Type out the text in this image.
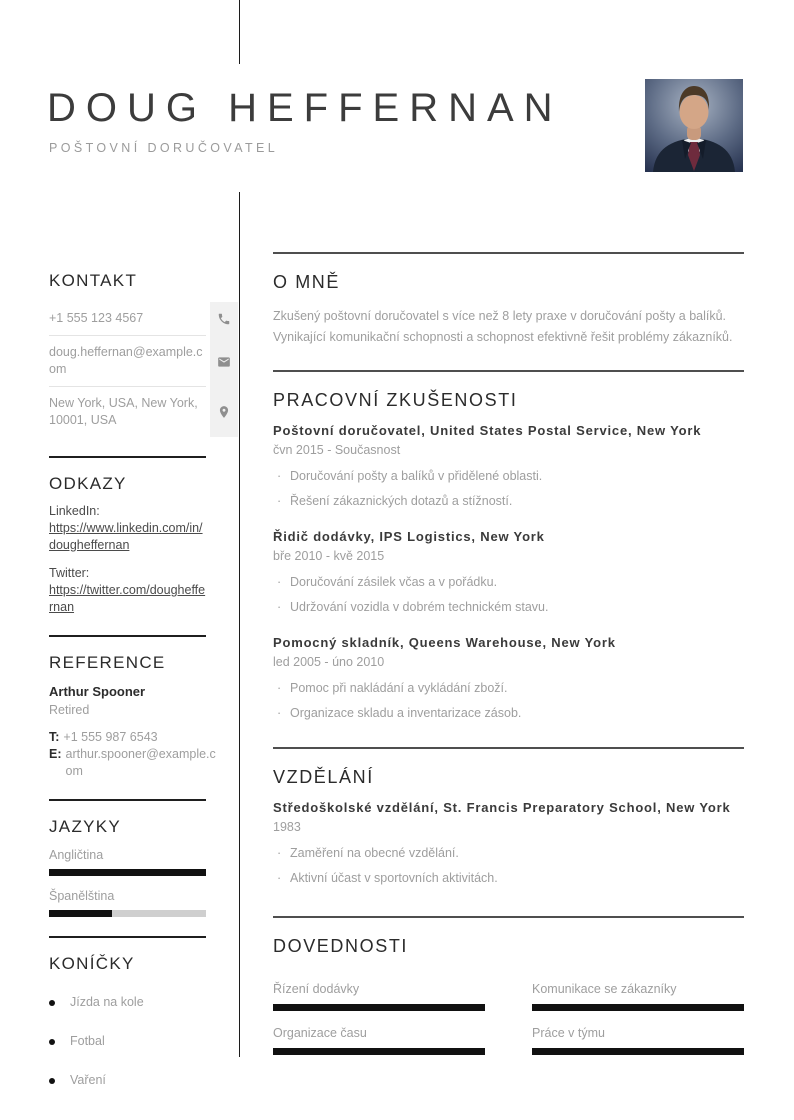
DOUG HEFFERNAN
POŠTOVNÍ DORUČOVATEL
KONTAKT
+1 555 123 4567
doug.heffernan@example.com
New York, USA, New York, 10001, USA
ODKAZY
LinkedIn:
https://www.linkedin.com/in/dougheffernan
Twitter:
https://twitter.com/dougheffernan
REFERENCE
Arthur Spooner
Retired
T: +1 555 987 6543
E: arthur.spooner@example.com
JAZYKY
Angličtina
Španělština
KONÍČKY
Jízda na kole
Fotbal
Vaření
O MNĚ
Zkušený poštovní doručovatel s více než 8 lety praxe v doručování pošty a balíků. Vynikající komunikační schopnosti a schopnost efektivně řešit problémy zákazníků.
PRACOVNÍ ZKUŠENOSTI
Poštovní doručovatel, United States Postal Service, New York
čvn 2015 - Současnost
· Doručování pošty a balíků v přidělené oblasti.
· Řešení zákaznických dotazů a stížností.
Řidič dodávky, IPS Logistics, New York
bře 2010 - kvě 2015
· Doručování zásilek včas a v pořádku.
· Udržování vozidla v dobrém technickém stavu.
Pomocný skladník, Queens Warehouse, New York
led 2005 - úno 2010
· Pomoc při nakládání a vykládání zboží.
· Organizace skladu a inventarizace zásob.
VZDĚLÁNÍ
Středoškolské vzdělání, St. Francis Preparatory School, New York
1983
· Zaměření na obecné vzdělání.
· Aktivní účast v sportovních aktivitách.
DOVEDNOSTI
Řízení dodávky	Komunikace se zákazníky
Organizace času	Práce v týmu
